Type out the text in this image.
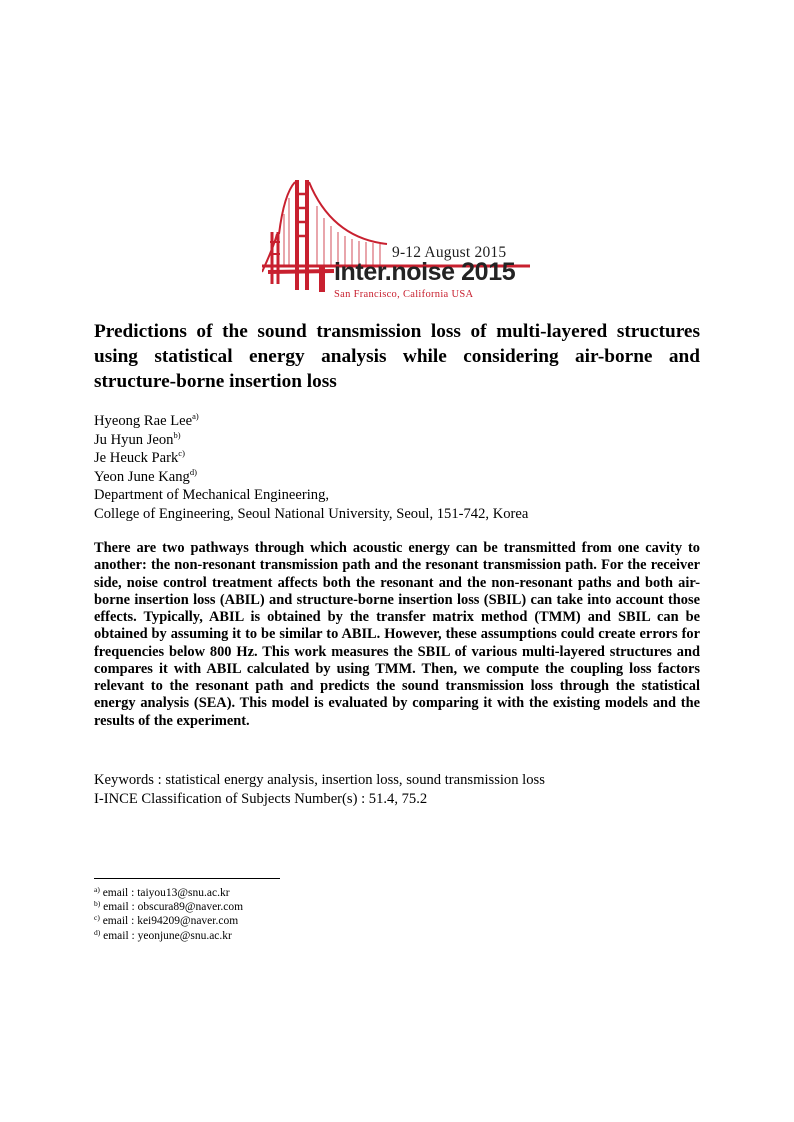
9-12 August 2015
inter.noise 2015
San Francisco, California USA
Predictions of the sound transmission loss of multi-layered structures using statistical energy analysis while considering air-borne and structure-borne insertion loss
Hyeong Rae Lee$^{a)}$
Ju Hyun Jeon$^{b)}$
Je Heuck Park$^{c)}$
Yeon June Kang$^{d)}$
Department of Mechanical Engineering,
College of Engineering, Seoul National University, Seoul, 151-742, Korea

There are two pathways through which acoustic energy can be transmitted from one cavity to another: the non-resonant transmission path and the resonant transmission path. For the receiver side, noise control treatment affects both the resonant and the non-resonant paths and both air-borne insertion loss (ABIL) and structure-borne insertion loss (SBIL) can take into account those effects. Typically, ABIL is obtained by the transfer matrix method (TMM) and SBIL can be obtained by assuming it to be similar to ABIL. However, these assumptions could create errors for frequencies below 800 Hz. This work measures the SBIL of various multi-layered structures and compares it with ABIL calculated by using TMM. Then, we compute the coupling loss factors relevant to the resonant path and predicts the sound transmission loss through the statistical energy analysis (SEA). This model is evaluated by comparing it with the existing models and the results of the experiment.

Keywords : statistical energy analysis, insertion loss, sound transmission loss
I-INCE Classification of Subjects Number(s) : 51.4, 75.2
$^{a)}$ email : taiyou13@snu.ac.kr
$^{b)}$ email : obscura89@naver.com
$^{c)}$ email : kei94209@naver.com
$^{d)}$ email : yeonjune@snu.ac.kr
